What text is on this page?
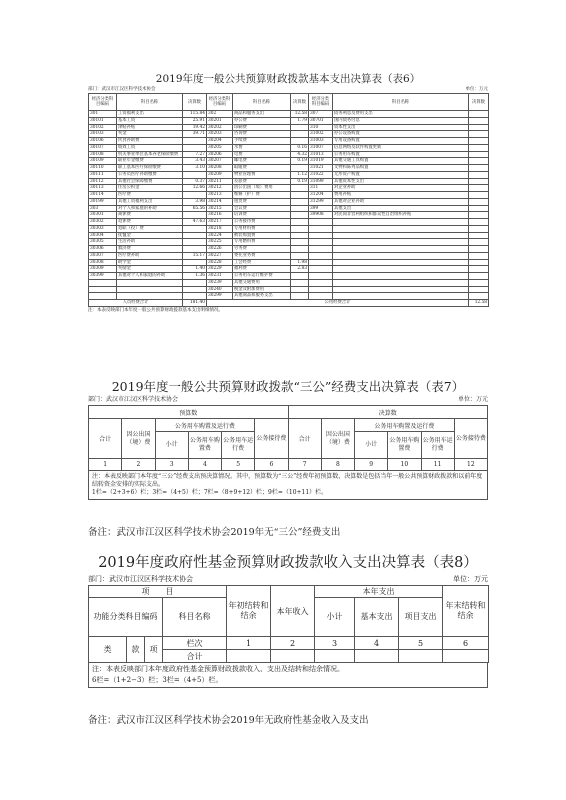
2019年度一般公共预算财政拨款基本支出决算表（表6）
部门：武汉市江汉区科学技术协会	单位：万元
经济分类科目编码	科目名称	决算数	经济分类科目编码	科目名称	决算数	经济分类科目编码	科目名称	决算数
301	工资福利支出	115.84	302	商品和服务支出	12.58	307	债务利息及费用支出	
30101	基本工资	25.91	30201	办公费	1.79	30701	国内债务付息	
30102	津贴补贴	19.42	30202	印刷费		310	资本性支出	
30103	奖金	39.71	30203	咨询费		31002	办公设备购置	
30106	伙食补助费		30204	手续费		31003	专用设备购置	
30107	绩效工资		30205	水费	0.16	31007	信息网络及软件购置更新	
30108	机关事业单位基本养老保险缴费	7.27	30206	电费	4.32	31013	公务用车购置	
30109	职业年金缴费	3.43	30207	邮电费	0.19	31019	其他交通工具购置	
30110	职工基本医疗保险缴费	3.10	30208	取暖费		31021	文物和陈列品购置	
30111	公务员医疗补助缴费		30209	物业管理费	1.12	31022	无形资产购置	
30112	其他社会保障缴费	0.37	30211	差旅费	0.19	31099	其他资本性支出	
30113	住房公积金	12.66	30212	因公出国（境）费用		311	对企业补助	
30114	医疗费		30213	维修（护）费		31204	费用补贴	
30199	其他工资福利支出	3.98	30214	租赁费		31299	其他对企业补助	
303	对个人和家庭的补助	65.56	30215	会议费		399	其他支出	
30301	离休费		30216	培训费		39908	对民间非营利组织和群众性自治组织补贴	
30302	退休费	47.63	30217	公务接待费				
30303	退职（役）费		30218	专用材料费				
30304	抚恤金		30224	被装购置费				
30305	生活补助		30225	专用燃料费				
30306	救济费		30226	劳务费				
30307	医疗费补助	15.17	30227	委托业务费				
30308	助学金		30228	工会经费	1.98			
30309	奖励金	1.40	30229	福利费	2.83			
30399	其他对个人和家庭的补助	1.36	30231	公务用车运行维护费				
			30239	其他交通费用				
			30240	税金及附加费用				
			30299	其他商品和服务支出				
人员经费合计		181.40	公用经费合计					12.58
注：本表反映部门本年度一般公共预算财政拨款基本支出明细情况。
2019年度一般公共预算财政拨款“三公”经费支出决算表（表7）
部门：武汉市江汉区科学技术协会	单位：万元
预算数						决算数					
合计	因公出国（境）费	公务用车购置及运行费			公务接待费	合计	因公出国（境）费	公务用车购置及运行费			公务接待费
		小计	公务用车购置费	公务用车运行费				小计	公务用车购置费	公务用车运行费	
1	2	3	4	5	6	7	8	9	10	11	12
注：本表反映部门本年度“三公”经费支出预决算情况。其中，预算数为“三公”经费年初预算数，决算数是包括当年一般公共预算财政拨款和以前年度结转资金安排的实际支出。
1栏=（2+3+6）栏；3栏=（4+5）栏；7栏=（8+9+12）栏；9栏=（10+11）栏。
备注：武汉市江汉区科学技术协会2019年无“三公”经费支出
2019年度政府性基金预算财政拨款收入支出决算表（表8）
部门：武汉市江汉区科学技术协会	单位：万元
项　　目				年初结转和结余	本年收入	本年支出			年末结转和结余
功能分类科目编码			科目名称			小计	基本支出	项目支出	
类	款	项	栏次	1	2	3	4	5	6
			合计						
注：本表反映部门本年度政府性基金预算财政拨款收入、支出及结转和结余情况。
6栏=（1+2−3）栏；3栏=（4+5）栏。
备注：武汉市江汉区科学技术协会2019年无政府性基金收入及支出
